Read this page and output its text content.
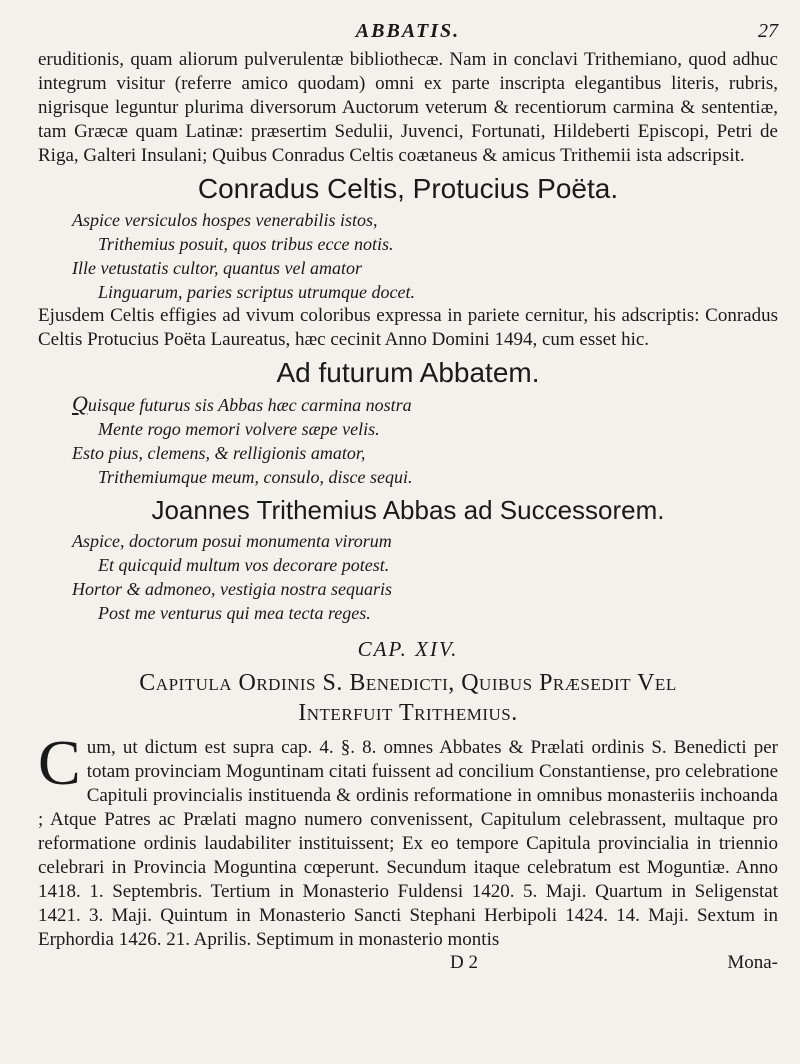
ABBATIS.	27

eruditionis, quam aliorum pulverulentæ bibliothecæ. Nam in conclavi Trithemiano, quod adhuc integrum visitur (referre amico quodam) omni ex parte inscripta elegantibus literis, rubris, nigrisque leguntur plurima diversorum Auctorum veterum & recentiorum carmina & sententiæ, tam Græcæ quam Latinæ: præsertim Sedulii, Juvenci, Fortunati, Hildeberti Episcopi, Petri de Riga, Galteri Insulani; Quibus Conradus Celtis coætaneus & amicus Trithemii ista adscripsit.

Conradus Celtis, Protucius Poëta.
Aspice versiculos hospes venerabilis istos,
Trithemius posuit, quos tribus ecce notis.
Ille vetustatis cultor, quantus vel amator
Linguarum, paries scriptus utrumque docet.

Ejusdem Celtis effigies ad vivum coloribus expressa in pariete cernitur, his adscriptis: Conradus Celtis Protucius Poëta Laureatus, hæc cecinit Anno Domini 1494, cum esset hic.

Ad futurum Abbatem.
Quisque futurus sis Abbas hæc carmina nostra
Mente rogo memori volvere sæpe velis.
Esto pius, clemens, & relligionis amator,
Trithemiumque meum, consulo, disce sequi.
Joannes Trithemius Abbas ad Successorem.
Aspice, doctorum posui monumenta virorum
Et quicquid multum vos decorare potest.
Hortor & admoneo, vestigia nostra sequaris
Post me venturus qui mea tecta reges.
CAP. XIV.
Capitula Ordinis S. Benedicti, Quibus Præsedit Vel
Interfuit Trithemius.
C um, ut dictum est supra cap. 4. §. 8. omnes Abbates & Prælati ordinis S. Benedicti per totam provinciam Moguntinam citati fuissent ad concilium Constantiense, pro celebratione Capituli provincialis instituenda & ordinis reformatione in omnibus monasteriis inchoanda ; Atque Patres ac Prælati magno numero convenissent, Capitulum celebrassent, multaque pro reformatione ordinis laudabiliter instituissent; Ex eo tempore Capitula provincialia in triennio celebrari in Provincia Moguntina cœperunt. Secundum itaque celebratum est Moguntiæ. Anno 1418. 1. Septembris. Tertium in Monasterio Fuldensi 1420. 5. Maji. Quartum in Seligenstat 1421. 3. Maji. Quintum in Monasterio Sancti Stephani Herbipoli 1424. 14. Maji. Sextum in Erphordia 1426. 21. Aprilis. Septimum in monasterio montis

D 2	Mona-
